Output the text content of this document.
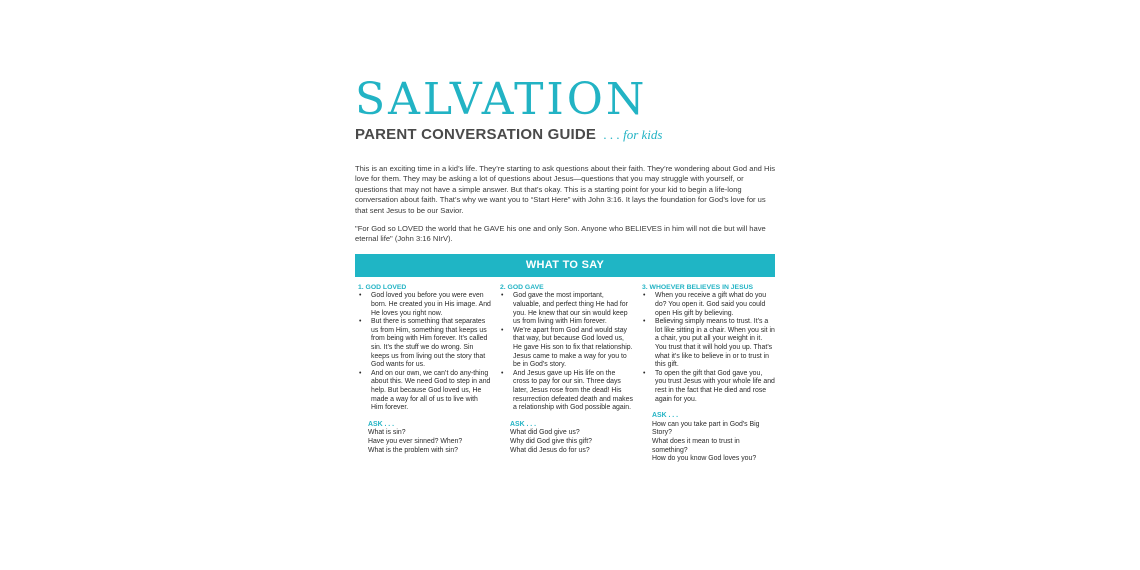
SALVATION
PARENT CONVERSATION GUIDE . . . for kids

This is an exciting time in a kid’s life. They’re starting to ask questions about their faith. They’re wondering about God and His love for them. They may be asking a lot of questions about Jesus—questions that you may struggle with yourself, or questions that may not have a simple answer. But that’s okay. This is a starting point for your kid to begin a life-long conversation about faith. That’s why we want you to “Start Here” with John 3:16. It lays the foundation for God’s love for us that sent Jesus to be our Savior.

"For God so LOVED the world that he GAVE his one and only Son. Anyone who BELIEVES in him will not die but will have eternal life" (John 3:16 NIrV).

WHAT TO SAY
1. GOD LOVED
• God loved you before you were even born. He created you in His image. And He loves you right now.
• But there is something that separates us from Him, something that keeps us from being with Him forever. It’s called sin. It’s the stuff we do wrong. Sin keeps us from living out the story that God wants for us.
• And on our own, we can’t do any-thing about this. We need God to step in and help. But because God loved us, He made a way for all of us to live with Him forever.
ASK . . .
What is sin?
Have you ever sinned? When?
What is the problem with sin?
2. GOD GAVE
• God gave the most important, valuable, and perfect thing He had for you. He knew that our sin would keep us from living with Him forever.
• We’re apart from God and would stay that way, but because God loved us, He gave His son to fix that relationship. Jesus came to make a way for you to be in God’s story.
• And Jesus gave up His life on the cross to pay for our sin. Three days later, Jesus rose from the dead! His resurrection defeated death and makes a relationship with God possible again.
ASK . . .
What did God give us?
Why did God give this gift?
What did Jesus do for us?
3. WHOEVER BELIEVES IN JESUS
• When you receive a gift what do you do? You open it. God said you could open His gift by believing.
• Believing simply means to trust. It’s a lot like sitting in a chair. When you sit in a chair, you put all your weight in it. You trust that it will hold you up. That’s what it’s like to believe in or to trust in this gift.
• To open the gift that God gave you, you trust Jesus with your whole life and rest in the fact that He died and rose again for you.
ASK . . .
How can you take part in God’s Big Story?
What does it mean to trust in something?
How do you know God loves you?
